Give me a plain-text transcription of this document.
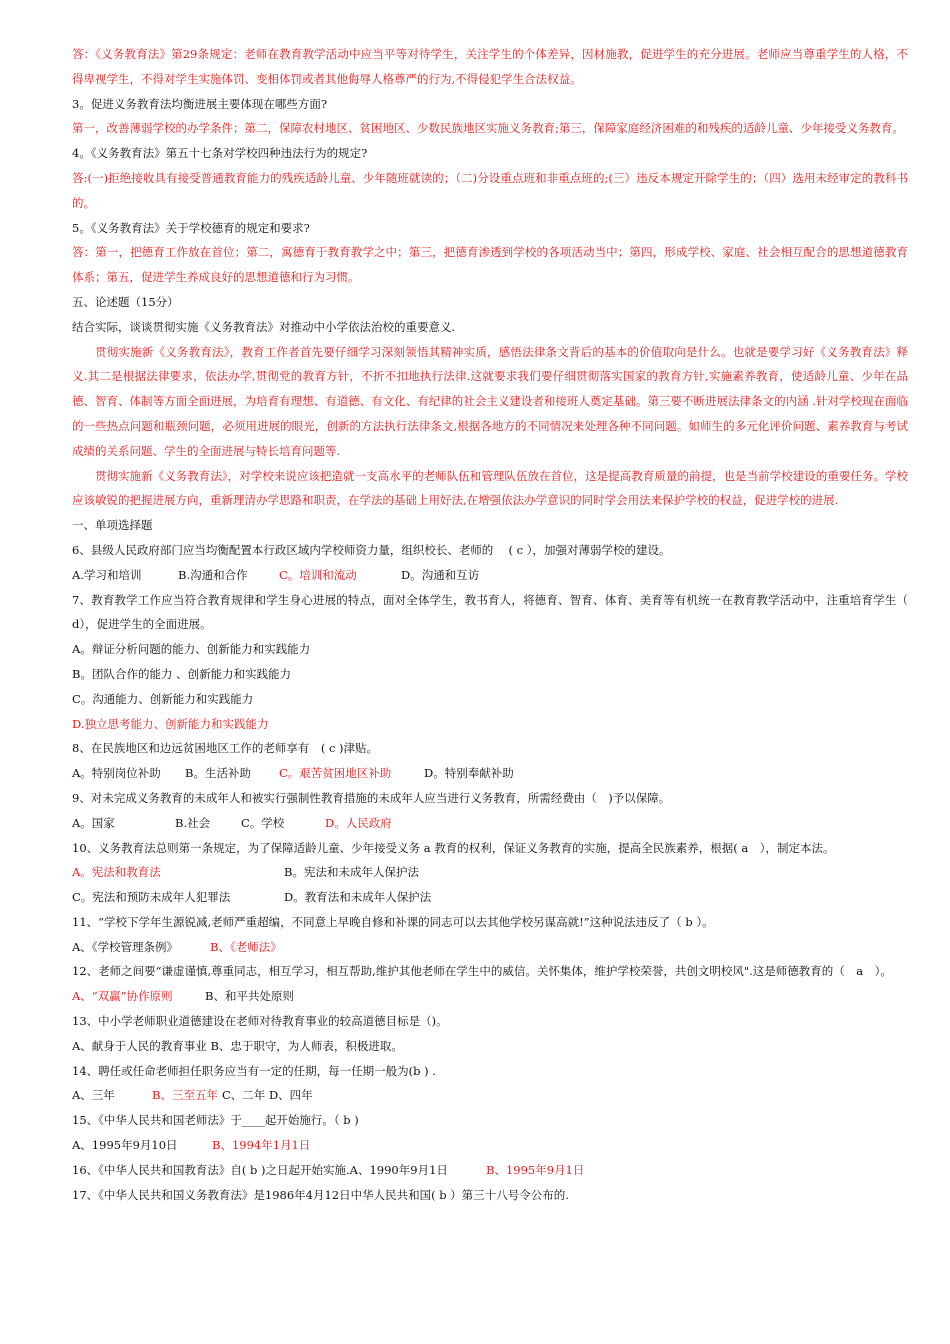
答：《义务教育法》第29条规定：老师在教育教学活动中应当平等对待学生，关注学生的个体差异，因材施教，促进学生的充分进展。老师应当尊重学生的人格，不得卑视学生，不得对学生实施体罚、变相体罚或者其他侮辱人格尊严的行为,不得侵犯学生合法权益。

3。促进义务教育法均衡进展主要体现在哪些方面?

第一，改善薄弱学校的办学条件；第二，保障农村地区、贫困地区、少数民族地区实施义务教育;第三，保障家庭经济困难的和残疾的适龄儿童、少年接受义务教育。

4。《义务教育法》第五十七条对学校四种违法行为的规定?

答:(一)拒绝接收具有接受普通教育能力的残疾适龄儿童、少年随班就读的；（二)分设重点班和非重点班的;(三）违反本规定开除学生的；（四）选用未经审定的教科书的。

5。《义务教育法》关于学校德育的规定和要求?

答：第一，把德育工作放在首位；第二，寓德育于教育教学之中；第三，把德育渗透到学校的各项活动当中；第四，形成学校、家庭、社会相互配合的思想道德教育体系；第五，促进学生养成良好的思想道德和行为习惯。

五、论述题（15分）

结合实际，谈谈贯彻实施《义务教育法》对推动中小学依法治校的重要意义.

贯彻实施新《义务教育法》，教育工作者首先要仔细学习深刻领悟其精神实质，感悟法律条文背后的基本的价值取向是什么。也就是要学习好《义务教育法》释义.其二是根据法律要求，依法办学,贯彻党的教育方针，不折不扣地执行法律.这就要求我们要仔细贯彻落实国家的教育方针,实施素养教育，使适龄儿童、少年在品德、智育、体制等方面全面进展，为培育有理想、有道德、有文化、有纪律的社会主义建设者和接班人奠定基础。第三要不断进展法律条文的内涵 .针对学校现在面临的一些热点问题和瓶颈问题，必须用进展的眼光，创新的方法执行法律条文,根据各地方的不同情况来处理各种不同问题。如师生的多元化评价问题、素养教育与考试成绩的关系问题、学生的全面进展与特长培育问题等.

贯彻实施新《义务教育法》，对学校来说应该把造就一支高水平的老师队伍和管理队伍放在首位，这是提高教育质量的前提，也是当前学校建设的重要任务。学校应该敏锐的把握进展方向，重新理清办学思路和职责，在学法的基础上用好法,在增强依法办学意识的同时学会用法来保护学校的权益，促进学校的进展.

一、单项选择题

6、县级人民政府部门应当均衡配置本行政区域内学校师资力量，组织校长、老师的　 ( c ），加强对薄弱学校的建设。

A.学习和培训	B.沟通和合作	C。培训和流动	D。沟通和互访

7、教育教学工作应当符合教育规律和学生身心进展的特点，面对全体学生，教书育人，将德育、智育、体育、美育等有机统一在教育教学活动中，注重培育学生（ d），促进学生的全面进展。

A。辩证分析问题的能力、创新能力和实践能力

B。团队合作的能力 、创新能力和实践能力

C。沟通能力、创新能力和实践能力

D.独立思考能力、创新能力和实践能力

8、在民族地区和边远贫困地区工作的老师享有　( c )津贴。

A。特别岗位补助	B。生活补助	C。艰苦贫困地区补助	D。特别奉献补助

9、对未完成义务教育的未成年人和被实行强制性教育措施的未成年人应当进行义务教育，所需经费由（　)予以保障。

A。国家	B.社会	C。学校	D。人民政府

10、义务教育法总则第一条规定，为了保障适龄儿童、少年接受义务 a 教育的权利，保证义务教育的实施，提高全民族素养，根据( a　），制定本法。

A。宪法和教育法	B。宪法和未成年人保护法
C。宪法和预防未成年人犯罪法	D。教育法和未成年人保护法

11、“学校下学年生源锐减,老师严重超编，不同意上早晚自修和补课的同志可以去其他学校另谋高就!”这种说法违反了（ b ）。

A、《学校管理条例》	B、《老师法》

12、老师之间要“谦虚谨慎,尊重同志，相互学习，相互帮助,维护其他老师在学生中的威信。关怀集体，维护学校荣誉，共创文明校风".这是师德教育的（　a　）。

A、“双赢”协作原则	B、和平共处原则

13、中小学老师职业道德建设在老师对待教育事业的较高道德目标是（)。

A、献身于人民的教育事业 B、忠于职守，为人师表，积极进取。

14、聘任或任命老师担任职务应当有一定的任期，每一任期一般为(b ) .

A、三年	B、三至五年 C、二年 D、四年

15、《中华人民共和国老师法》于____起开始施行。（ b )

A、1995年9月10日	B、1994年1月1日
16、《中华人民共和国教育法》自( b )之日起开始实施.A、1990年9月1日	B、1995年9月1日

17、《中华人民共和国义务教育法》是1986年4月12日中华人民共和国( b ）第三十八号令公布的.
